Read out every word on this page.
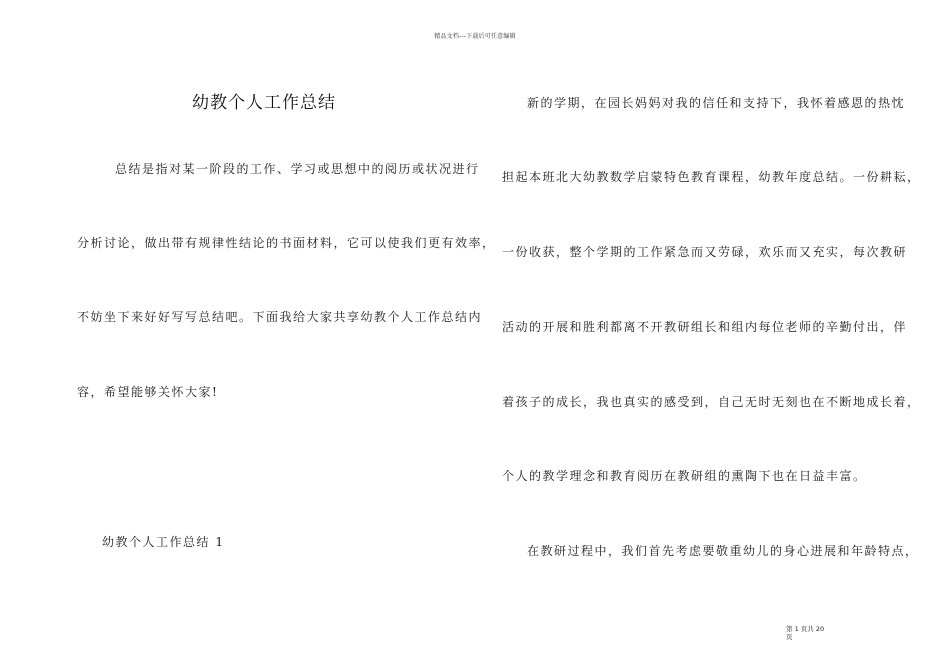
精品文档---下载后可任意编辑
幼教个人工作总结
总结是指对某一阶段的工作、学习或思想中的阅历或状况进行
分析讨论，做出带有规律性结论的书面材料，它可以使我们更有效率，
不妨坐下来好好写写总结吧。下面我给大家共享幼教个人工作总结内
容，希望能够关怀大家!
幼教个人工作总结 1
新的学期，在园长妈妈对我的信任和支持下，我怀着感恩的热忱
担起本班北大幼教数学启蒙特色教育课程，幼教年度总结。一份耕耘，
一份收获，整个学期的工作紧急而又劳碌，欢乐而又充实，每次教研
活动的开展和胜利都离不开教研组长和组内每位老师的辛勤付出，伴
着孩子的成长，我也真实的感受到，自己无时无刻也在不断地成长着，
个人的教学理念和教育阅历在教研组的熏陶下也在日益丰富。
在教研过程中，我们首先考虑要敬重幼儿的身心进展和年龄特点，
第 1 页共 20 页
